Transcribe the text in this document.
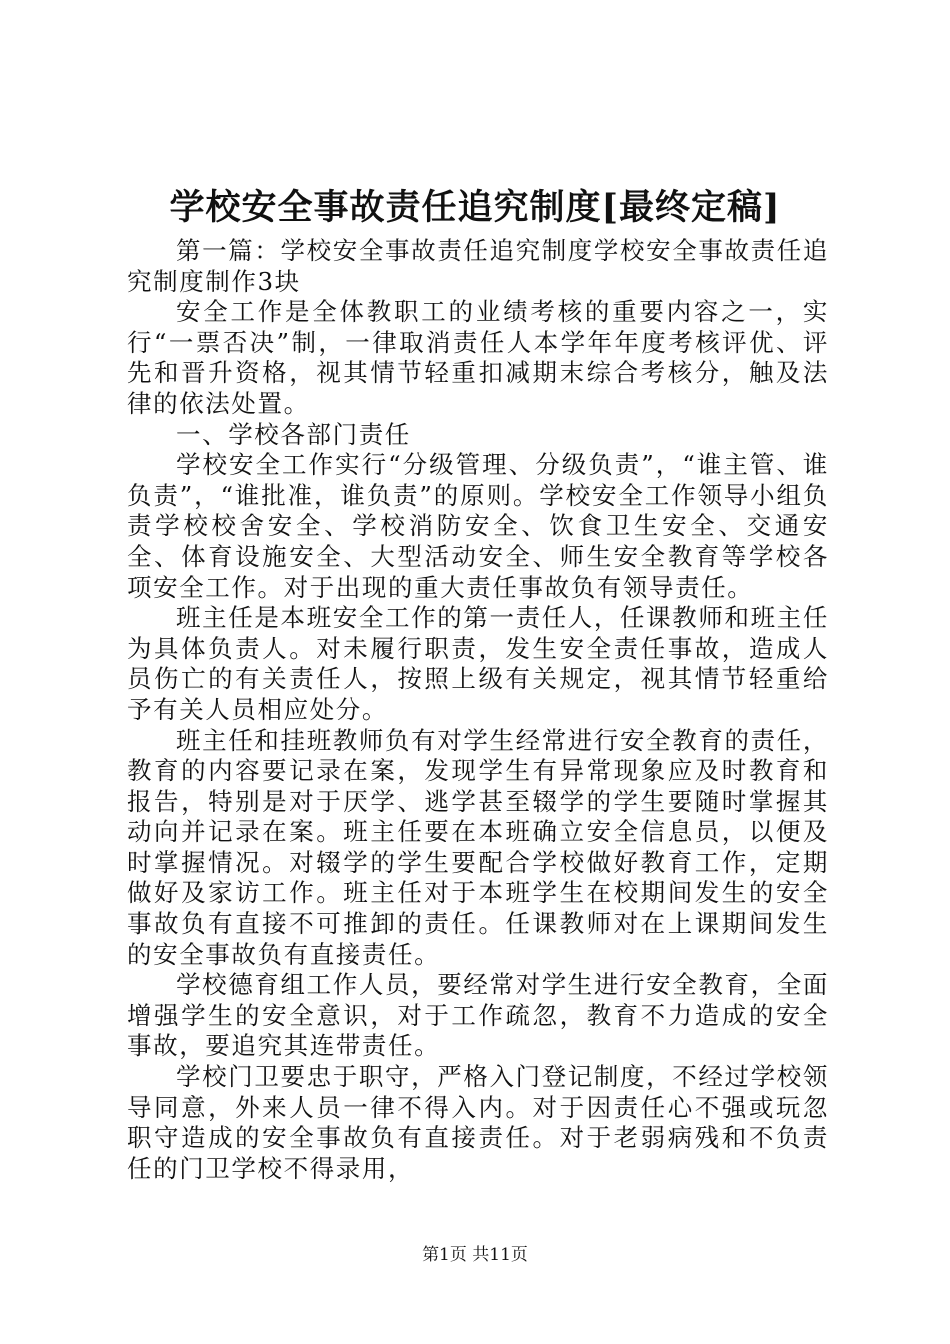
学校安全事故责任追究制度[最终定稿]

第一篇：学校安全事故责任追究制度学校安全事故责任追究制度制作3块

安全工作是全体教职工的业绩考核的重要内容之一，实行“一票否决”制，一律取消责任人本学年年度考核评优、评先和晋升资格，视其情节轻重扣减期末综合考核分，触及法律的依法处置。

一、学校各部门责任

学校安全工作实行“分级管理、分级负责”，“谁主管、谁负责”，“谁批准，谁负责”的原则。学校安全工作领导小组负责学校校舍安全、学校消防安全、饮食卫生安全、交通安全、体育设施安全、大型活动安全、师生安全教育等学校各项安全工作。对于出现的重大责任事故负有领导责任。

班主任是本班安全工作的第一责任人，任课教师和班主任为具体负责人。对未履行职责，发生安全责任事故，造成人员伤亡的有关责任人，按照上级有关规定，视其情节轻重给予有关人员相应处分。

班主任和挂班教师负有对学生经常进行安全教育的责任，教育的内容要记录在案，发现学生有异常现象应及时教育和报告，特别是对于厌学、逃学甚至辍学的学生要随时掌握其动向并记录在案。班主任要在本班确立安全信息员，以便及时掌握情况。对辍学的学生要配合学校做好教育工作，定期做好及家访工作。班主任对于本班学生在校期间发生的安全事故负有直接不可推卸的责任。任课教师对在上课期间发生的安全事故负有直接责任。

学校德育组工作人员，要经常对学生进行安全教育，全面增强学生的安全意识，对于工作疏忽，教育不力造成的安全事故，要追究其连带责任。

学校门卫要忠于职守，严格入门登记制度，不经过学校领导同意，外来人员一律不得入内。对于因责任心不强或玩忽职守造成的安全事故负有直接责任。对于老弱病残和不负责任的门卫学校不得录用，

第1页 共11页
